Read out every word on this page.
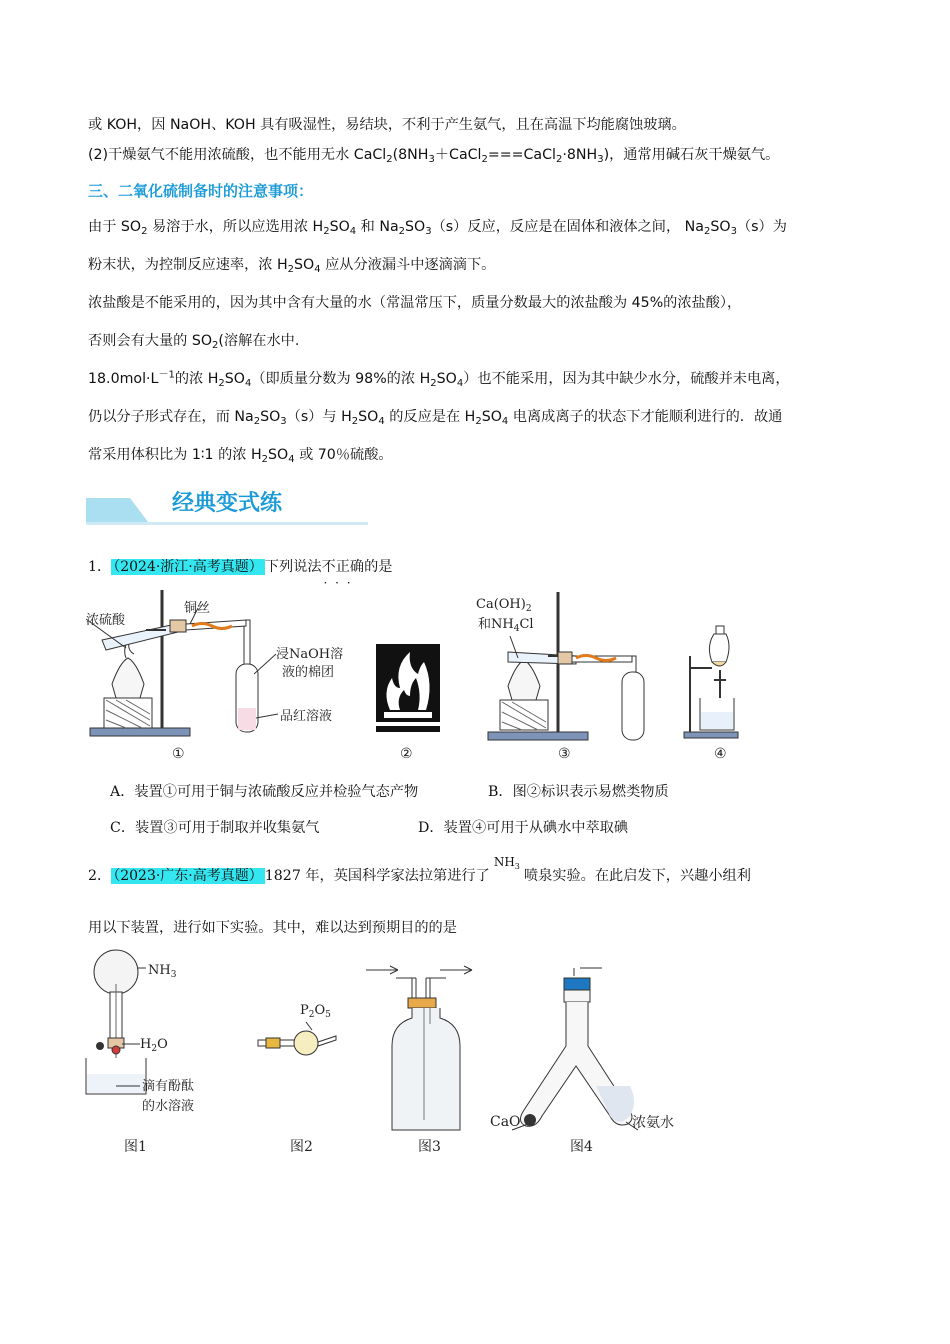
或 KOH，因 NaOH、KOH 具有吸湿性，易结块，不利于产生氨气，且在高温下均能腐蚀玻璃。
(2)干燥氨气不能用浓硫酸，也不能用无水 $CaCl_2(8NH_3+CaCl_2===CaCl_2\cdot 8NH_3)$，通常用碱石灰干燥氨气。
三、二氧化硫制备时的注意事项：
由于 $SO_2$ 易溶于水，所以应选用浓 $H_2SO_4$ 和 $Na_2SO_3(s)$反应，反应是在固体和液体之间， $Na_2SO_3(s)$为
粉末状，为控制反应速率，浓 $H_2SO_4$ 应从分液漏斗中逐滴滴下。
浓盐酸是不能采用的，因为其中含有大量的水（常温常压下，质量分数最大的浓盐酸为 45%的浓盐酸），
否则会有大量的 $SO_2$(溶解在水中.
$18.0mol\cdot L^{-1}$的浓 $H_2SO_4$（即质量分数为 98%的浓 $H_2SO_4$）也不能采用，因为其中缺少水分，硫酸并未电离，
仍以分子形式存在，而 $Na_2SO_3(s)$与 $H_2SO_4$ 的反应是在 $H_2SO_4$ 电离成离子的状态下才能顺利进行的．故通
常采用体积比为 1∶1 的浓 $H_2SO_4$ 或 70％硫酸。
经典变式练
1． （2024·浙江·高考真题） 下列说法不正确 · · ·的是
浓硫酸
铜丝
浸NaOH溶
液的棉团
品红溶液
$Ca(OH)_2$
和$NH_4Cl$
①	②	③	④
A．装置①可用于铜与浓硫酸反应并检验气态产物	B．图②标识表示易燃类物质
C．装置③可用于制取并收集氨气	D．装置④可用于从碘水中萃取碘
2． （2023·广东·高考真题） 1827 年，英国科学家法拉第进行了$^{NH_3}$喷泉实验。在此启发下，兴趣小组利
用以下装置，进行如下实验。其中，难以达到预期目的的是
$NH_3$
$H_2O$
滴有酚酞
的水溶液
$P_2O_5$
CaO	浓氨水
图1	图2	图3	图4
